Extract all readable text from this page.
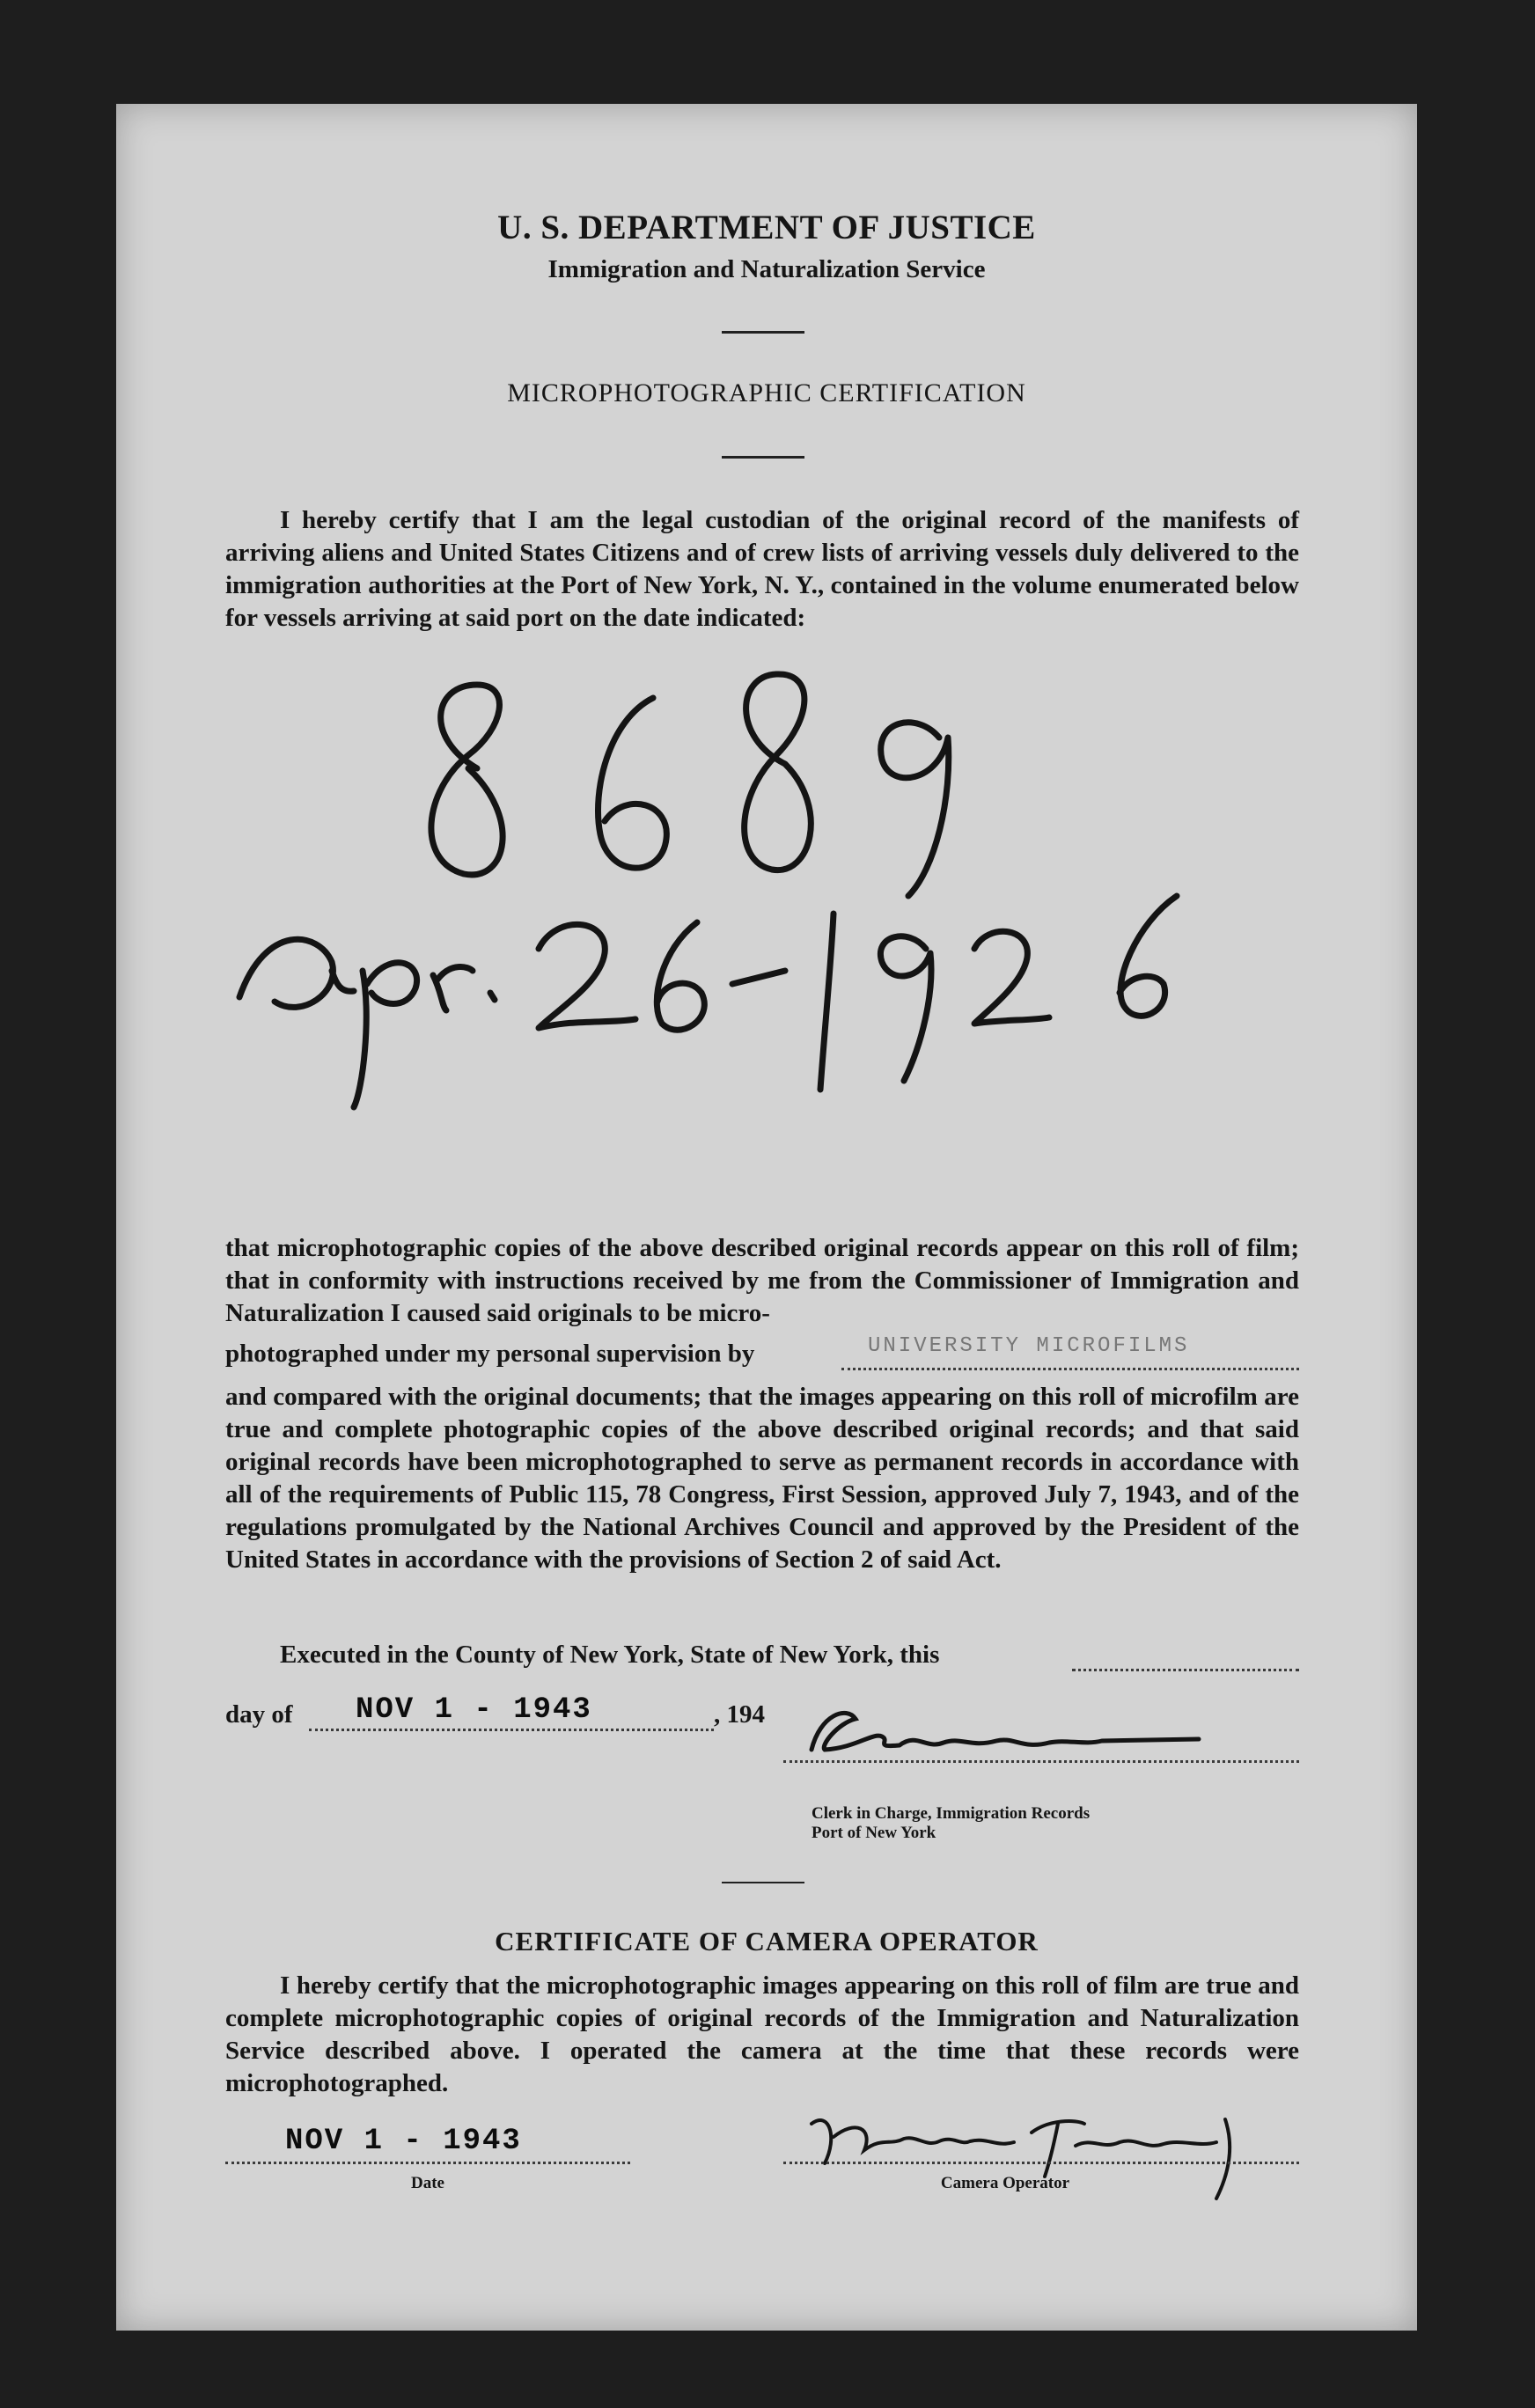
U. S. DEPARTMENT OF JUSTICE
Immigration and Naturalization Service
MICROPHOTOGRAPHIC CERTIFICATION
I hereby certify that I am the legal custodian of the original record of the manifests of arriving aliens and United States Citizens and of crew lists of arriving vessels duly delivered to the immigration authorities at the Port of New York, N. Y., contained in the volume enumerated below for vessels arriving at said port on the date indicated:
that microphotographic copies of the above described original records appear on this roll of film; that in conformity with instructions received by me from the Commissioner of Immigration and Naturalization I caused said originals to be micro-
photographed under my personal supervision by	UNIVERSITY MICROFILMS
and compared with the original documents; that the images appearing on this roll of microfilm are true and complete photographic copies of the above described original records; and that said original records have been microphotographed to serve as permanent records in accordance with all of the requirements of Public 115, 78 Congress, First Session, approved July 7, 1943, and of the regulations promulgated by the National Archives Council and approved by the President of the United States in accordance with the provisions of Section 2 of said Act.
Executed in the County of New York, State of New York, this
day of NOV 1 - 1943	, 194
Clerk in Charge, Immigration Records
Port of New York
CERTIFICATE OF CAMERA OPERATOR
I hereby certify that the microphotographic images appearing on this roll of film are true and complete microphotographic copies of original records of the Immigration and Naturalization Service described above. I operated the camera at the time that these records were microphotographed.
NOV 1 - 1943
Date	Camera Operator
